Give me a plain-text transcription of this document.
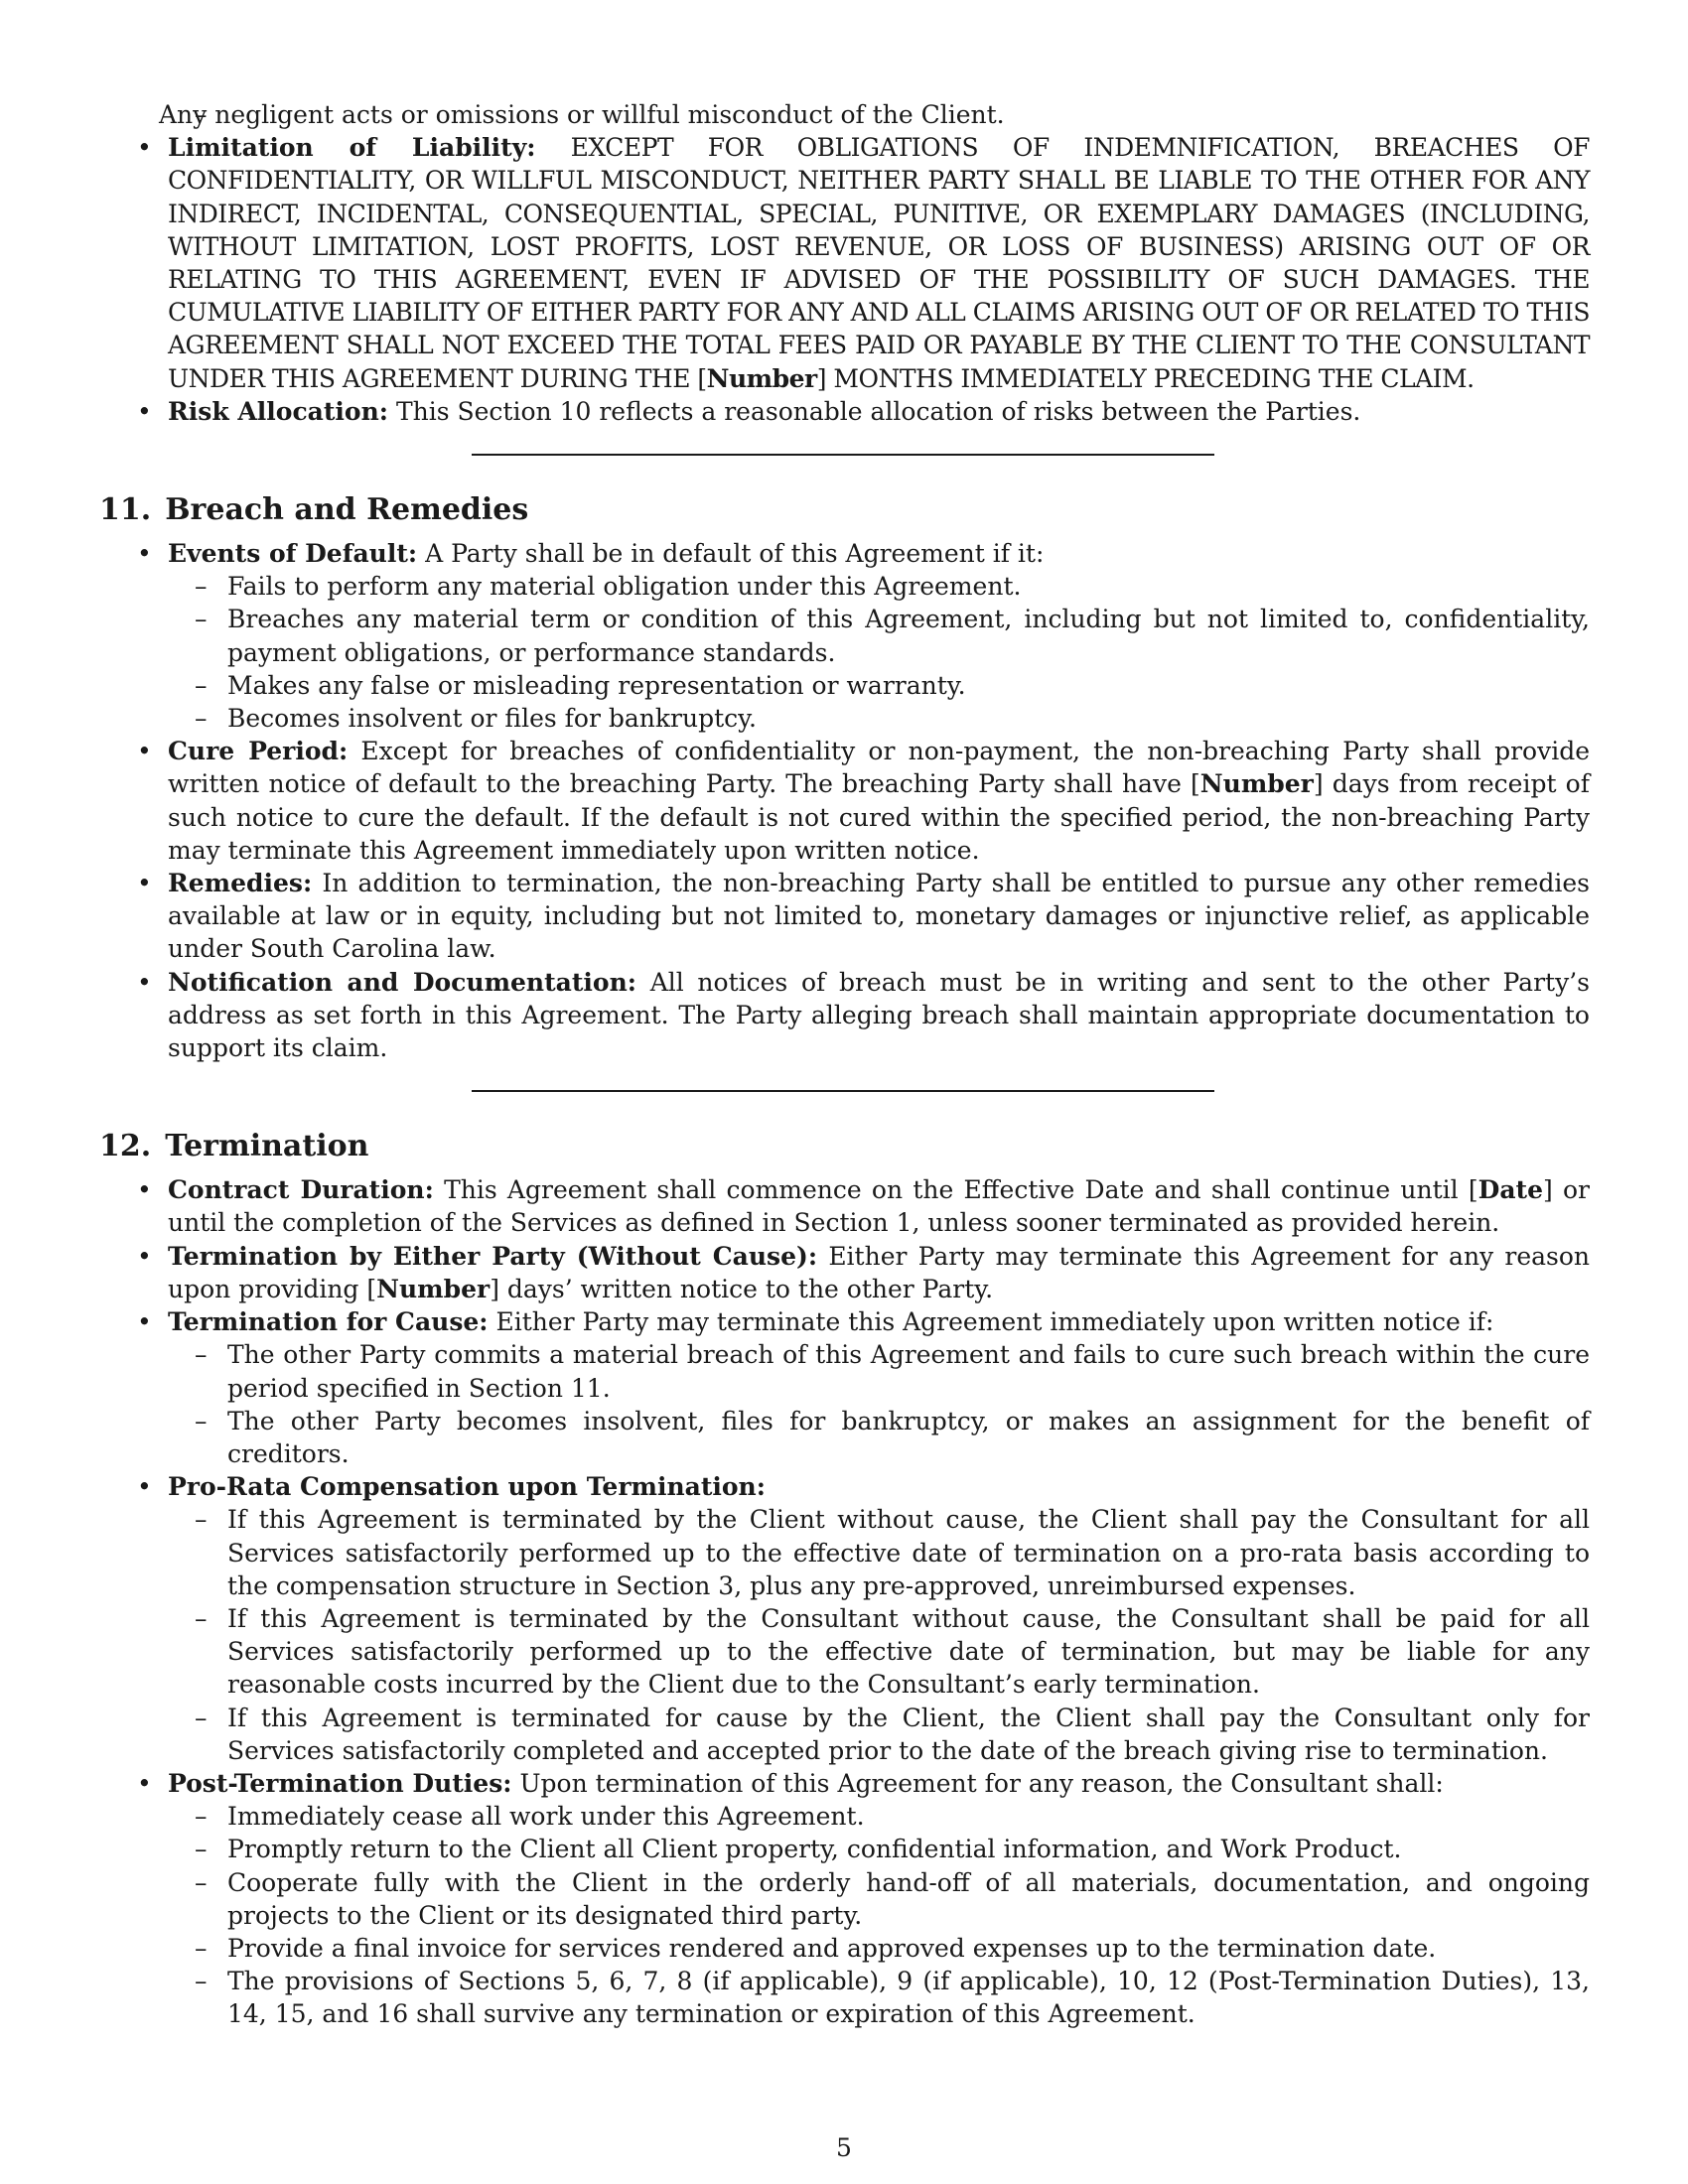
– Any negligent acts or omissions or willful misconduct of the Client.
• Limitation of Liability: EXCEPT FOR OBLIGATIONS OF INDEMNIFICATION, BREACHES OF CONFIDENTIALITY, OR WILLFUL MISCONDUCT, NEITHER PARTY SHALL BE LIABLE TO THE OTHER FOR ANY INDIRECT, INCIDENTAL, CONSEQUENTIAL, SPECIAL, PUNITIVE, OR EXEMPLARY DAMAGES (INCLUDING, WITHOUT LIMITATION, LOST PROFITS, LOST REVENUE, OR LOSS OF BUSINESS) ARISING OUT OF OR RELATING TO THIS AGREEMENT, EVEN IF ADVISED OF THE POSSIBILITY OF SUCH DAMAGES. THE CUMULATIVE LIABILITY OF EITHER PARTY FOR ANY AND ALL CLAIMS ARISING OUT OF OR RELATED TO THIS AGREEMENT SHALL NOT EXCEED THE TOTAL FEES PAID OR PAYABLE BY THE CLIENT TO THE CONSULTANT UNDER THIS AGREEMENT DURING THE [Number] MONTHS IMMEDIATELY PRECEDING THE CLAIM.
• Risk Allocation: This Section 10 reflects a reasonable allocation of risks between the Parties.
11. Breach and Remedies
• Events of Default: A Party shall be in default of this Agreement if it:
– Fails to perform any material obligation under this Agreement.
– Breaches any material term or condition of this Agreement, including but not limited to, confidentiality, payment obligations, or performance standards.
– Makes any false or misleading representation or warranty.
– Becomes insolvent or files for bankruptcy.
• Cure Period: Except for breaches of confidentiality or non-payment, the non-breaching Party shall provide written notice of default to the breaching Party. The breaching Party shall have [Number] days from receipt of such notice to cure the default. If the default is not cured within the specified period, the non-breaching Party may terminate this Agreement immediately upon written notice.
• Remedies: In addition to termination, the non-breaching Party shall be entitled to pursue any other remedies available at law or in equity, including but not limited to, monetary damages or injunctive relief, as applicable under South Carolina law.
• Notification and Documentation: All notices of breach must be in writing and sent to the other Party’s address as set forth in this Agreement. The Party alleging breach shall maintain appropriate documentation to support its claim.
12. Termination
• Contract Duration: This Agreement shall commence on the Effective Date and shall continue until [Date] or until the completion of the Services as defined in Section 1, unless sooner terminated as provided herein.
• Termination by Either Party (Without Cause): Either Party may terminate this Agreement for any reason upon providing [Number] days’ written notice to the other Party.
• Termination for Cause: Either Party may terminate this Agreement immediately upon written notice if:
– The other Party commits a material breach of this Agreement and fails to cure such breach within the cure period specified in Section 11.
– The other Party becomes insolvent, files for bankruptcy, or makes an assignment for the benefit of creditors.
• Pro-Rata Compensation upon Termination:
– If this Agreement is terminated by the Client without cause, the Client shall pay the Consultant for all Services satisfactorily performed up to the effective date of termination on a pro-rata basis according to the compensation structure in Section 3, plus any pre-approved, unreimbursed expenses.
– If this Agreement is terminated by the Consultant without cause, the Consultant shall be paid for all Services satisfactorily performed up to the effective date of termination, but may be liable for any reasonable costs incurred by the Client due to the Consultant’s early termination.
– If this Agreement is terminated for cause by the Client, the Client shall pay the Consultant only for Services satisfactorily completed and accepted prior to the date of the breach giving rise to termination.
• Post-Termination Duties: Upon termination of this Agreement for any reason, the Consultant shall:
– Immediately cease all work under this Agreement.
– Promptly return to the Client all Client property, confidential information, and Work Product.
– Cooperate fully with the Client in the orderly hand-off of all materials, documentation, and ongoing projects to the Client or its designated third party.
– Provide a final invoice for services rendered and approved expenses up to the termination date.
– The provisions of Sections 5, 6, 7, 8 (if applicable), 9 (if applicable), 10, 12 (Post-Termination Duties), 13, 14, 15, and 16 shall survive any termination or expiration of this Agreement.
5
